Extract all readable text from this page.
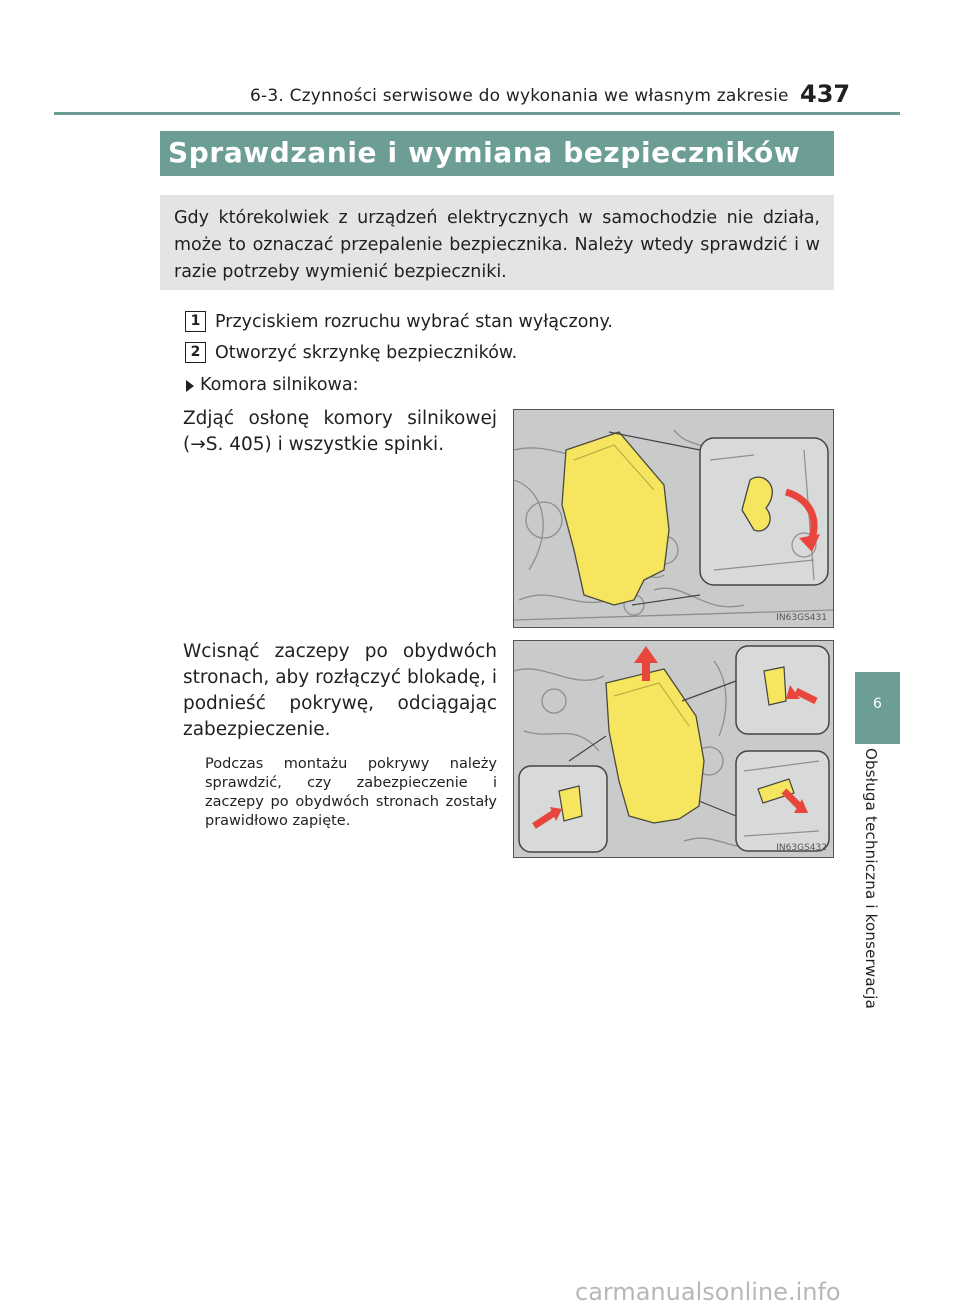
6-3. Czynności serwisowe do wykonania we własnym zakresie 437
Sprawdzanie i wymiana bezpieczników
Gdy którekolwiek z urządzeń elektrycznych w samochodzie nie działa, może to oznaczać przepalenie bezpiecznika. Należy wtedy sprawdzić i w razie potrzeby wymienić bezpieczniki.
1 Przyciskiem rozruchu wybrać stan wyłączony.
2 Otworzyć skrzynkę bezpieczników.
Komora silnikowa:
Zdjąć osłonę komory silnikowej (→S. 405) i wszystkie spinki.
IN63GS431
Wcisnąć zaczepy po obydwóch stronach, aby rozłączyć blokadę, i podnieść pokrywę, odciągając zabezpieczenie.
Podczas montażu pokrywy należy sprawdzić, czy zabezpieczenie i zaczepy po obydwóch stronach zostały prawidłowo zapięte.
IN63GS432
6
Obsługa techniczna i konserwacja
carmanualsonline.info
